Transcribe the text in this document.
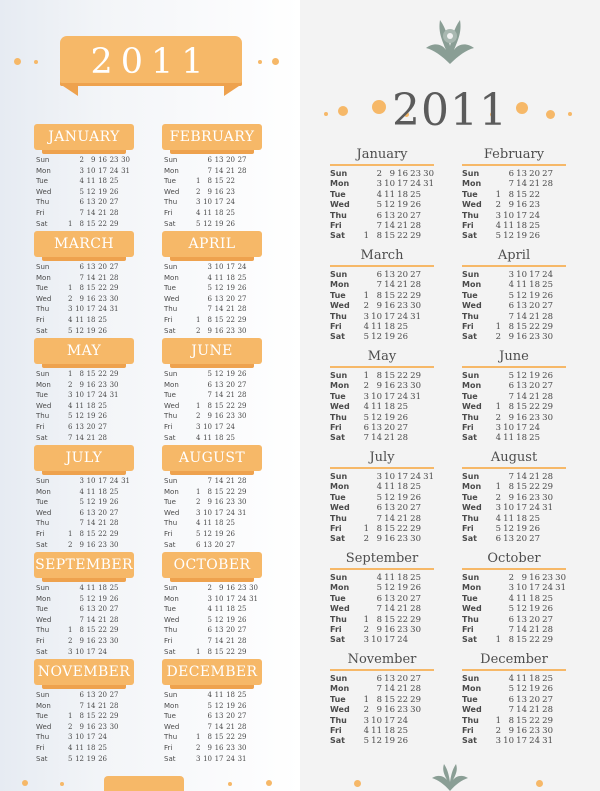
2011
JANUARY
Sun	2	9 16 23 30
Mon	3 10 17 24 31
Tue	4 11 18 25
Wed	5 12 19 26
Thu	6 13 20 27
Fri	7 14 21 28
Sat	1	8 15 22 29
FEBRUARY
Sun	6 13 20 27
Mon	7 14 21 28
Tue	1	8 15 22
Wed	2	9 16 23
Thu	3 10 17 24
Fri	4 11 18 25
Sat	5 12 19 26
MARCH
Sun	6 13 20 27
Mon	7 14 21 28
Tue	1	8 15 22 29
Wed	2	9 16 23 30
Thu	3 10 17 24 31
Fri	4 11 18 25
Sat	5 12 19 26
APRIL
Sun	3 10 17 24
Mon	4 11 18 25
Tue	5 12 19 26
Wed	6 13 20 27
Thu	7 14 21 28
Fri	1	8 15 22 29
Sat	2	9 16 23 30
MAY
Sun	1	8 15 22 29
Mon	2	9 16 23 30
Tue	3 10 17 24 31
Wed	4 11 18 25
Thu	5 12 19 26
Fri	6 13 20 27
Sat	7 14 21 28
JUNE
Sun	5 12 19 26
Mon	6 13 20 27
Tue	7 14 21 28
Wed	1	8 15 22 29
Thu	2	9 16 23 30
Fri	3 10 17 24
Sat	4 11 18 25
JULY
Sun	3 10 17 24 31
Mon	4 11 18 25
Tue	5 12 19 26
Wed	6 13 20 27
Thu	7 14 21 28
Fri	1	8 15 22 29
Sat	2	9 16 23 30
AUGUST
Sun	7 14 21 28
Mon	1	8 15 22 29
Tue	2	9 16 23 30
Wed	3 10 17 24 31
Thu	4 11 18 25
Fri	5 12 19 26
Sat	6 13 20 27
SEPTEMBER
Sun	4 11 18 25
Mon	5 12 19 26
Tue	6 13 20 27
Wed	7 14 21 28
Thu	1	8 15 22 29
Fri	2	9 16 23 30
Sat	3 10 17 24
OCTOBER
Sun	2	9 16 23 30
Mon	3 10 17 24 31
Tue	4 11 18 25
Wed	5 12 19 26
Thu	6 13 20 27
Fri	7 14 21 28
Sat	1	8 15 22 29
NOVEMBER
Sun	6 13 20 27
Mon	7 14 21 28
Tue	1	8 15 22 29
Wed	2	9 16 23 30
Thu	3 10 17 24
Fri	4 11 18 25
Sat	5 12 19 26
DECEMBER
Sun	4 11 18 25
Mon	5 12 19 26
Tue	6 13 20 27
Wed	7 14 21 28
Thu	1	8 15 22 29
Fri	2	9 16 23 30
Sat	3 10 17 24 31
2011
January
Sun	2 9 16 23 30
Mon	3 10 17 24 31
Tue	4 11 18 25
Wed	5 12 19 26
Thu	6 13 20 27
Fri	7 14 21 28
Sat	1 8 15 22 29
February
Sun	6 13 20 27
Mon	7 14 21 28
Tue	1 8 15 22
Wed	2 9 16 23
Thu	3 10 17 24
Fri	4 11 18 25
Sat	5 12 19 26
March
Sun	6 13 20 27
Mon	7 14 21 28
Tue	1 8 15 22 29
Wed	2 9 16 23 30
Thu	3 10 17 24 31
Fri	4 11 18 25
Sat	5 12 19 26
April
Sun	3 10 17 24
Mon	4 11 18 25
Tue	5 12 19 26
Wed	6 13 20 27
Thu	7 14 21 28
Fri	1 8 15 22 29
Sat	2 9 16 23 30
May
Sun	1 8 15 22 29
Mon	2 9 16 23 30
Tue	3 10 17 24 31
Wed	4 11 18 25
Thu	5 12 19 26
Fri	6 13 20 27
Sat	7 14 21 28
June
Sun	5 12 19 26
Mon	6 13 20 27
Tue	7 14 21 28
Wed	1 8 15 22 29
Thu	2 9 16 23 30
Fri	3 10 17 24
Sat	4 11 18 25
July
Sun	3 10 17 24 31
Mon	4 11 18 25
Tue	5 12 19 26
Wed	6 13 20 27
Thu	7 14 21 28
Fri	1 8 15 22 29
Sat	2 9 16 23 30
August
Sun	7 14 21 28
Mon	1 8 15 22 29
Tue	2 9 16 23 30
Wed	3 10 17 24 31
Thu	4 11 18 25
Fri	5 12 19 26
Sat	6 13 20 27
September
Sun	4 11 18 25
Mon	5 12 19 26
Tue	6 13 20 27
Wed	7 14 21 28
Thu	1 8 15 22 29
Fri	2 9 16 23 30
Sat	3 10 17 24
October
Sun	2 9 16 23 30
Mon	3 10 17 24 31
Tue	4 11 18 25
Wed	5 12 19 26
Thu	6 13 20 27
Fri	7 14 21 28
Sat	1 8 15 22 29
November
Sun	6 13 20 27
Mon	7 14 21 28
Tue	1 8 15 22 29
Wed	2 9 16 23 30
Thu	3 10 17 24
Fri	4 11 18 25
Sat	5 12 19 26
December
Sun	4 11 18 25
Mon	5 12 19 26
Tue	6 13 20 27
Wed	7 14 21 28
Thu	1 8 15 22 29
Fri	2 9 16 23 30
Sat	3 10 17 24 31
